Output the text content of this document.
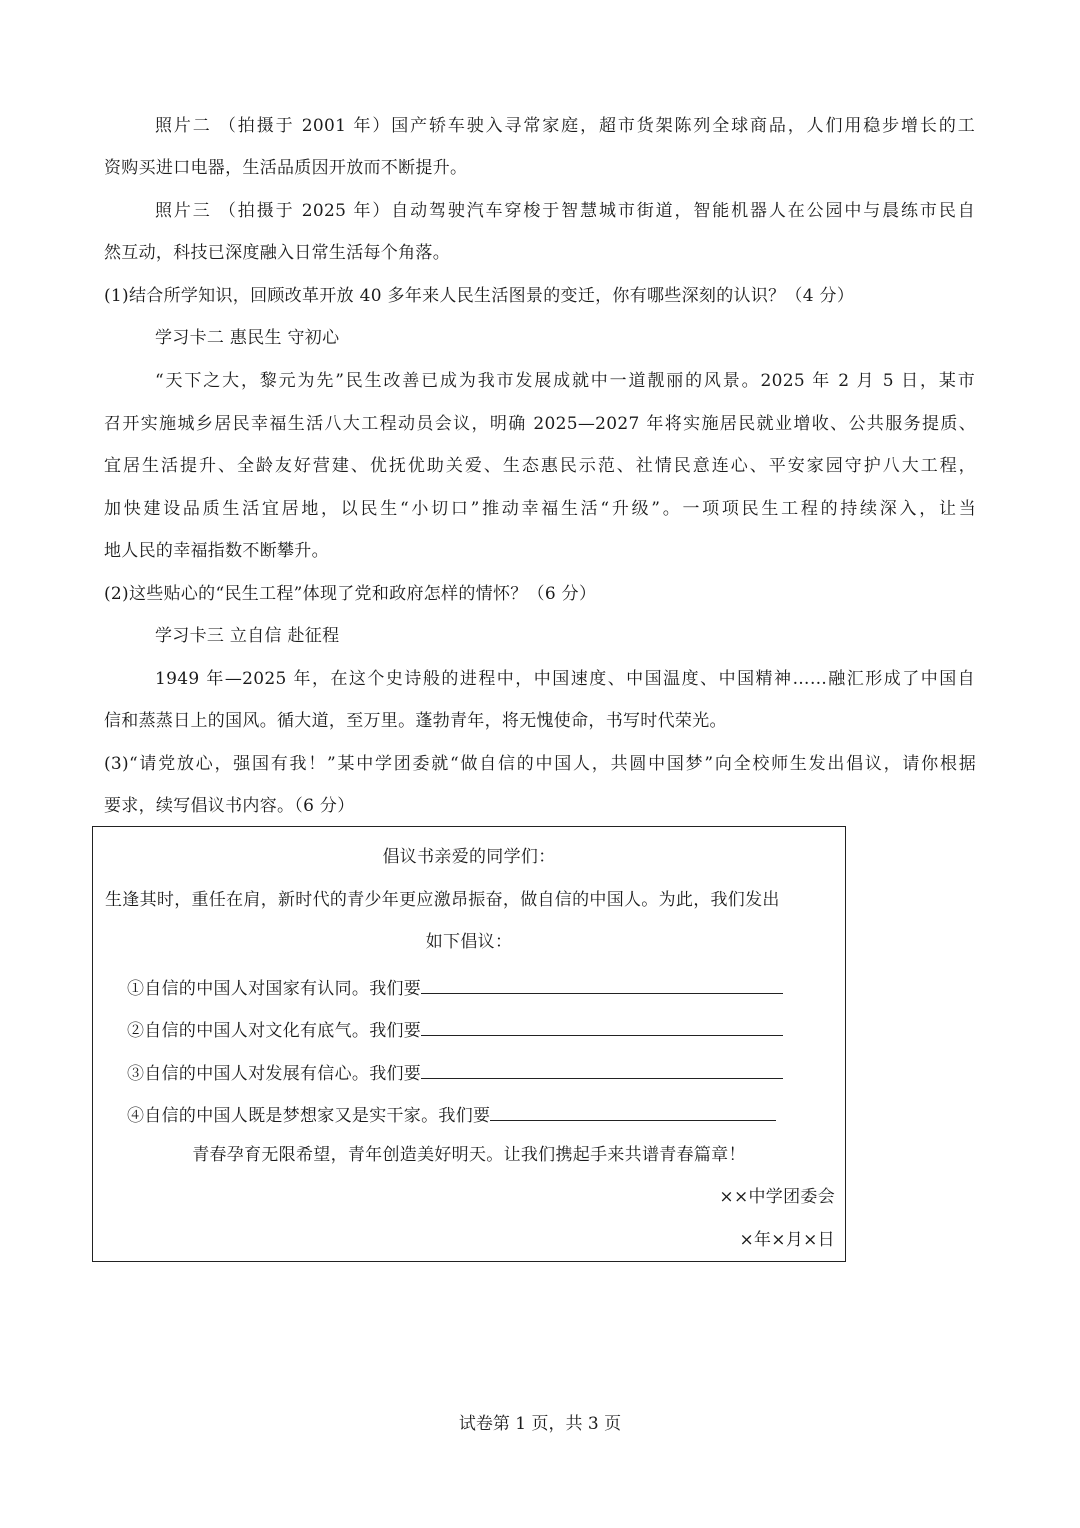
照片二 （拍摄于 2001 年）国产轿车驶入寻常家庭，超市货架陈列全球商品，人们用稳步增长的工
资购买进口电器，生活品质因开放而不断提升。
照片三 （拍摄于 2025 年）自动驾驶汽车穿梭于智慧城市街道，智能机器人在公园中与晨练市民自
然互动，科技已深度融入日常生活每个角落。
(1)结合所学知识，回顾改革开放 40 多年来人民生活图景的变迁，你有哪些深刻的认识？（4 分）
学习卡二 惠民生 守初心
“天下之大，黎元为先”民生改善已成为我市发展成就中一道靓丽的风景。2025 年 2 月 5 日，某市
召开实施城乡居民幸福生活八大工程动员会议，明确 2025—2027 年将实施居民就业增收、公共服务提质、
宜居生活提升、全龄友好营建、优抚优助关爱、生态惠民示范、社情民意连心、平安家园守护八大工程，
加快建设品质生活宜居地，以民生“小切口”推动幸福生活“升级”。一项项民生工程的持续深入，让当
地人民的幸福指数不断攀升。
(2)这些贴心的“民生工程”体现了党和政府怎样的情怀？（6 分）
学习卡三 立自信 赴征程
1949 年—2025 年，在这个史诗般的进程中，中国速度、中国温度、中国精神……融汇形成了中国自
信和蒸蒸日上的国风。循大道，至万里。蓬勃青年，将无愧使命，书写时代荣光。
(3)“请党放心，强国有我！”某中学团委就“做自信的中国人，共圆中国梦”向全校师生发出倡议，请你根据
要求，续写倡议书内容。（6 分）
倡议书亲爱的同学们：
生逢其时，重任在肩，新时代的青少年更应激昂振奋，做自信的中国人。为此，我们发出
如下倡议：
①自信的中国人对国家有认同。我们要
②自信的中国人对文化有底气。我们要
③自信的中国人对发展有信心。我们要
④自信的中国人既是梦想家又是实干家。我们要
青春孕育无限希望，青年创造美好明天。让我们携起手来共谱青春篇章！
××中学团委会
×年×月×日
试卷第 1 页，共 3 页
